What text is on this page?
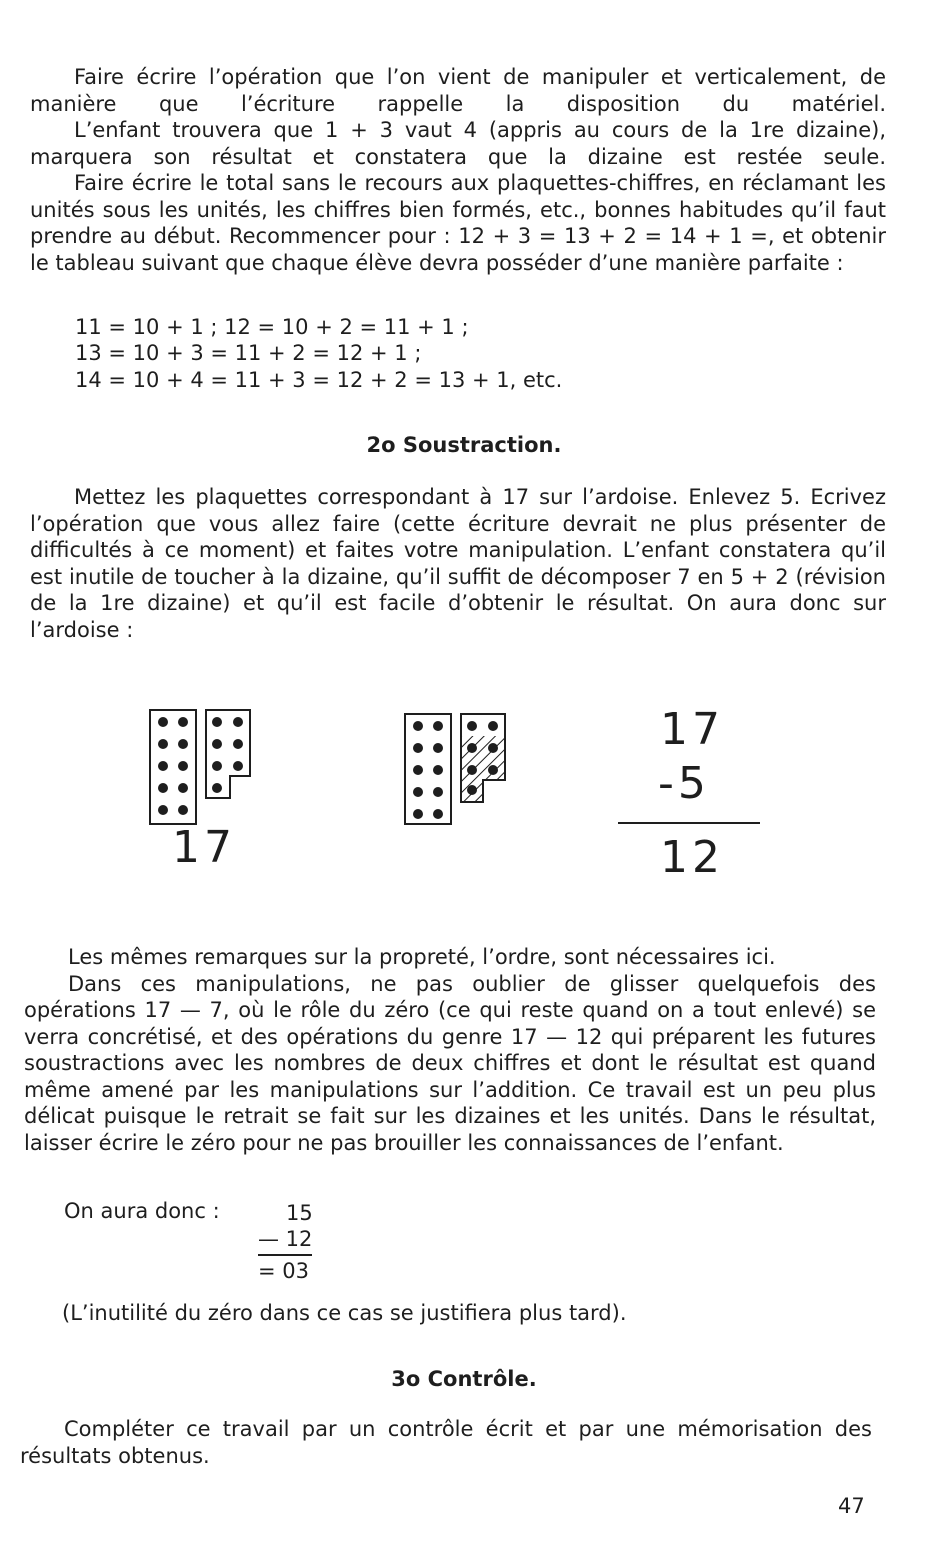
Faire écrire l’opération que l’on vient de manipuler et verticalement, de manière que l’écriture rappelle la disposition du matériel.

L’enfant trouvera que 1 + 3 vaut 4 (appris au cours de la 1re dizaine), marquera son résultat et constatera que la dizaine est restée seule.

Faire écrire le total sans le recours aux plaquettes-chiffres, en réclamant les unités sous les unités, les chiffres bien formés, etc., bonnes habitudes qu’il faut prendre au début. Recommencer pour : 12 + 3 = 13 + 2 = 14 + 1 =, et obtenir le tableau suivant que chaque élève devra posséder d’une manière parfaite :

11 = 10 + 1 ; 12 = 10 + 2 = 11 + 1 ;
13 = 10 + 3 = 11 + 2 = 12 + 1 ;
14 = 10 + 4 = 11 + 3 = 12 + 2 = 13 + 1, etc.
2o Soustraction.

Mettez les plaquettes correspondant à 17 sur l’ardoise. Enlevez 5. Ecrivez l’opération que vous allez faire (cette écriture devrait ne plus présenter de difficultés à ce moment) et faites votre manipulation. L’enfant constatera qu’il est inutile de toucher à la dizaine, qu’il suffit de décomposer 7 en 5 + 2 (révision de la 1re dizaine) et qu’il est facile d’obtenir le résultat. On aura donc sur l’ardoise :

17
17
-5
12

Les mêmes remarques sur la propreté, l’ordre, sont nécessaires ici.

Dans ces manipulations, ne pas oublier de glisser quelquefois des opérations 17 — 7, où le rôle du zéro (ce qui reste quand on a tout enlevé) se verra concrétisé, et des opérations du genre 17 — 12 qui préparent les futures soustractions avec les nombres de deux chiffres et dont le résultat est quand même amené par les manipulations sur l’addition. Ce travail est un peu plus délicat puisque le retrait se fait sur les dizaines et les unités. Dans le résultat, laisser écrire le zéro pour ne pas brouiller les connaissances de l’enfant.

On aura donc :	15
— 12
= 03
(L’inutilité du zéro dans ce cas se justifiera plus tard).
3o Contrôle.

Compléter ce travail par un contrôle écrit et par une mémorisation des résultats obtenus.

47
